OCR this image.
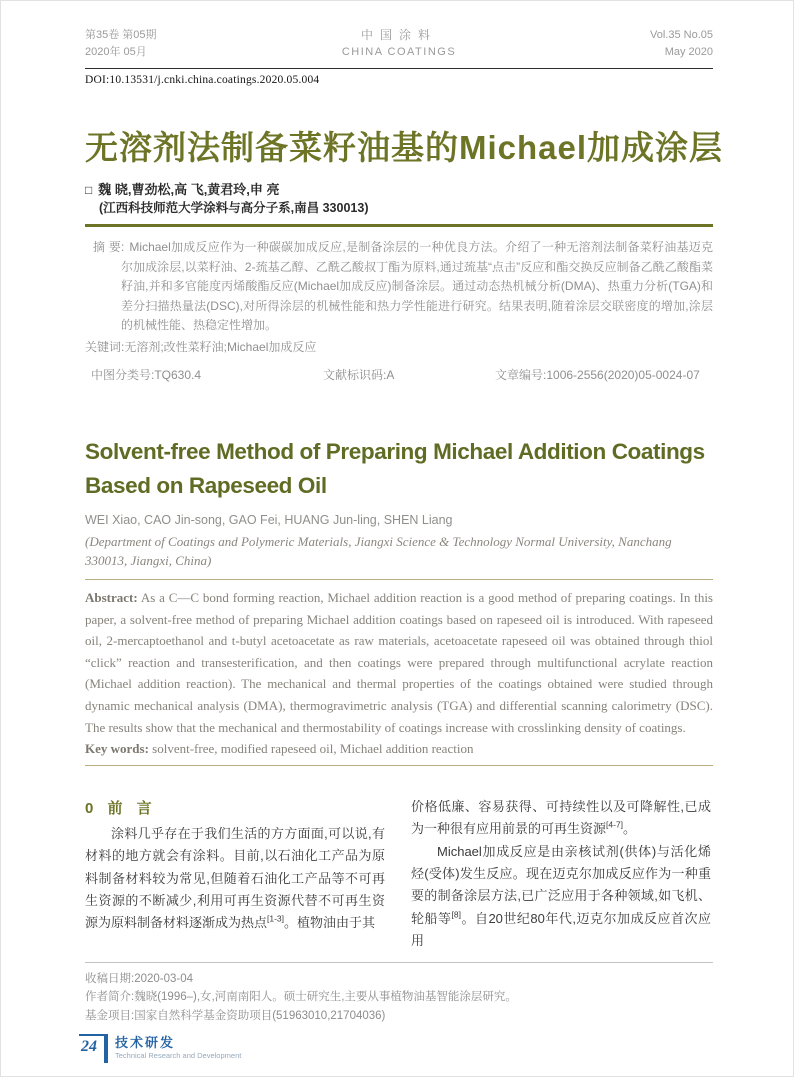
第35卷 第05期
2020年 05月
中国涂料
CHINA COATINGS
Vol.35 No.05
May 2020
DOI:10.13531/j.cnki.china.coatings.2020.05.004
无溶剂法制备菜籽油基的Michael加成涂层
□ 魏 晓,曹劲松,高 飞,黄君玲,申 亮
(江西科技师范大学涂料与高分子系,南昌 330013)

摘 要: Michael加成反应作为一种碳碳加成反应,是制备涂层的一种优良方法。介绍了一种无溶剂法制备菜籽油基迈克尔加成涂层,以菜籽油、2-巯基乙醇、乙酰乙酸叔丁酯为原料,通过巯基“点击”反应和酯交换反应制备乙酰乙酸酯菜籽油,并和多官能度丙烯酸酯反应(Michael加成反应)制备涂层。通过动态热机械分析(DMA)、热重力分析(TGA)和差分扫描热量法(DSC),对所得涂层的机械性能和热力学性能进行研究。结果表明,随着涂层交联密度的增加,涂层的机械性能、热稳定性增加。

关键词:无溶剂;改性菜籽油;Michael加成反应

中图分类号:TQ630.4	文献标识码:A	文章编号:1006-2556(2020)05-0024-07
Solvent-free Method of Preparing Michael Addition Coatings
Based on Rapeseed Oil
WEI Xiao, CAO Jin-song, GAO Fei, HUANG Jun-ling, SHEN Liang
(Department of Coatings and Polymeric Materials, Jiangxi Science & Technology Normal University, Nanchang 330013, Jiangxi, China)

Abstract: As a C—C bond forming reaction, Michael addition reaction is a good method of preparing coatings. In this paper, a solvent-free method of preparing Michael addition coatings based on rapeseed oil is introduced. With rapeseed oil, 2-mercaptoethanol and t-butyl acetoacetate as raw materials, acetoacetate rapeseed oil was obtained through thiol “click” reaction and transesterification, and then coatings were prepared through multifunctional acrylate reaction (Michael addition reaction). The mechanical and thermal properties of the coatings obtained were studied through dynamic mechanical analysis (DMA), thermogravimetric analysis (TGA) and differential scanning calorimetry (DSC). The results show that the mechanical and thermostability of coatings increase with crosslinking density of coatings.

Key words: solvent-free, modified rapeseed oil, Michael addition reaction

0 前 言

涂料几乎存在于我们生活的方方面面,可以说,有材料的地方就会有涂料。目前,以石油化工产品为原料制备材料较为常见,但随着石油化工产品等不可再生资源的不断减少,利用可再生资源代替不可再生资源为原料制备材料逐渐成为热点[1-3]。植物油由于其

价格低廉、容易获得、可持续性以及可降解性,已成为一种很有应用前景的可再生资源[4-7]。

Michael加成反应是由亲核试剂(供体)与活化烯烃(受体)发生反应。现在迈克尔加成反应作为一种重要的制备涂层方法,已广泛应用于各种领域,如飞机、轮船等[8]。自20世纪80年代,迈克尔加成反应首次应用

收稿日期:2020-03-04

作者简介:魏晓(1996–),女,河南南阳人。硕士研究生,主要从事植物油基智能涂层研究。

基金项目:国家自然科学基金资助项目(51963010,21704036)

24	技术研发
Technical Research and Development
